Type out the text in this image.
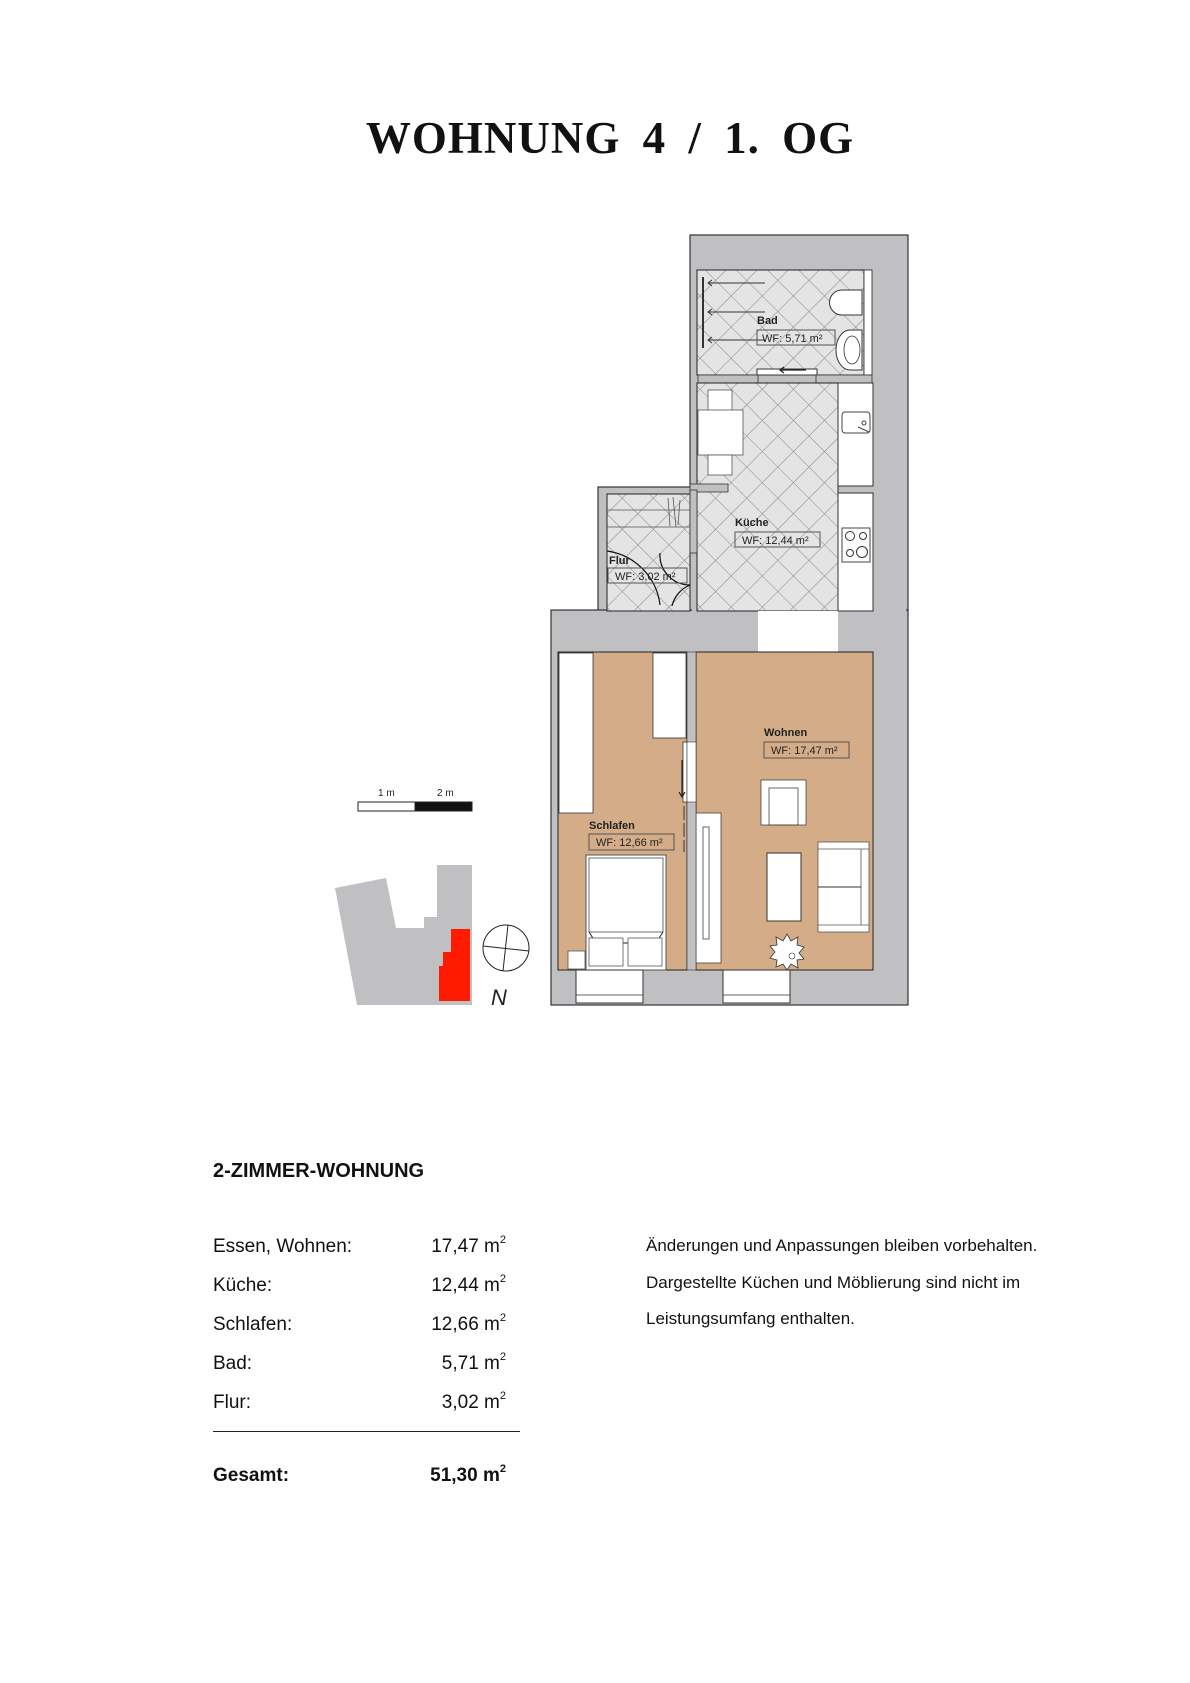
WOHNUNG 4 / 1. OG
Bad
WF: 5,71 m²
Küche
WF: 12,44 m²
Flur
WF: 3,02 m²
Schlafen
WF: 12,66 m²
Wohnen
WF: 17,47 m²
1 m	2 m
N
2-ZIMMER-WOHNUNG
Essen, Wohnen:	17,47 $m^2$
Küche:	12,44 $m^2$
Schlafen:	12,66 $m^2$
Bad:	5,71 $m^2$
Flur:	3,02 $m^2$
Gesamt:	51,30 $m^2$
Änderungen und Anpassungen bleiben vorbehalten.
Dargestellte Küchen und Möblierung sind nicht im
Leistungsumfang enthalten.
